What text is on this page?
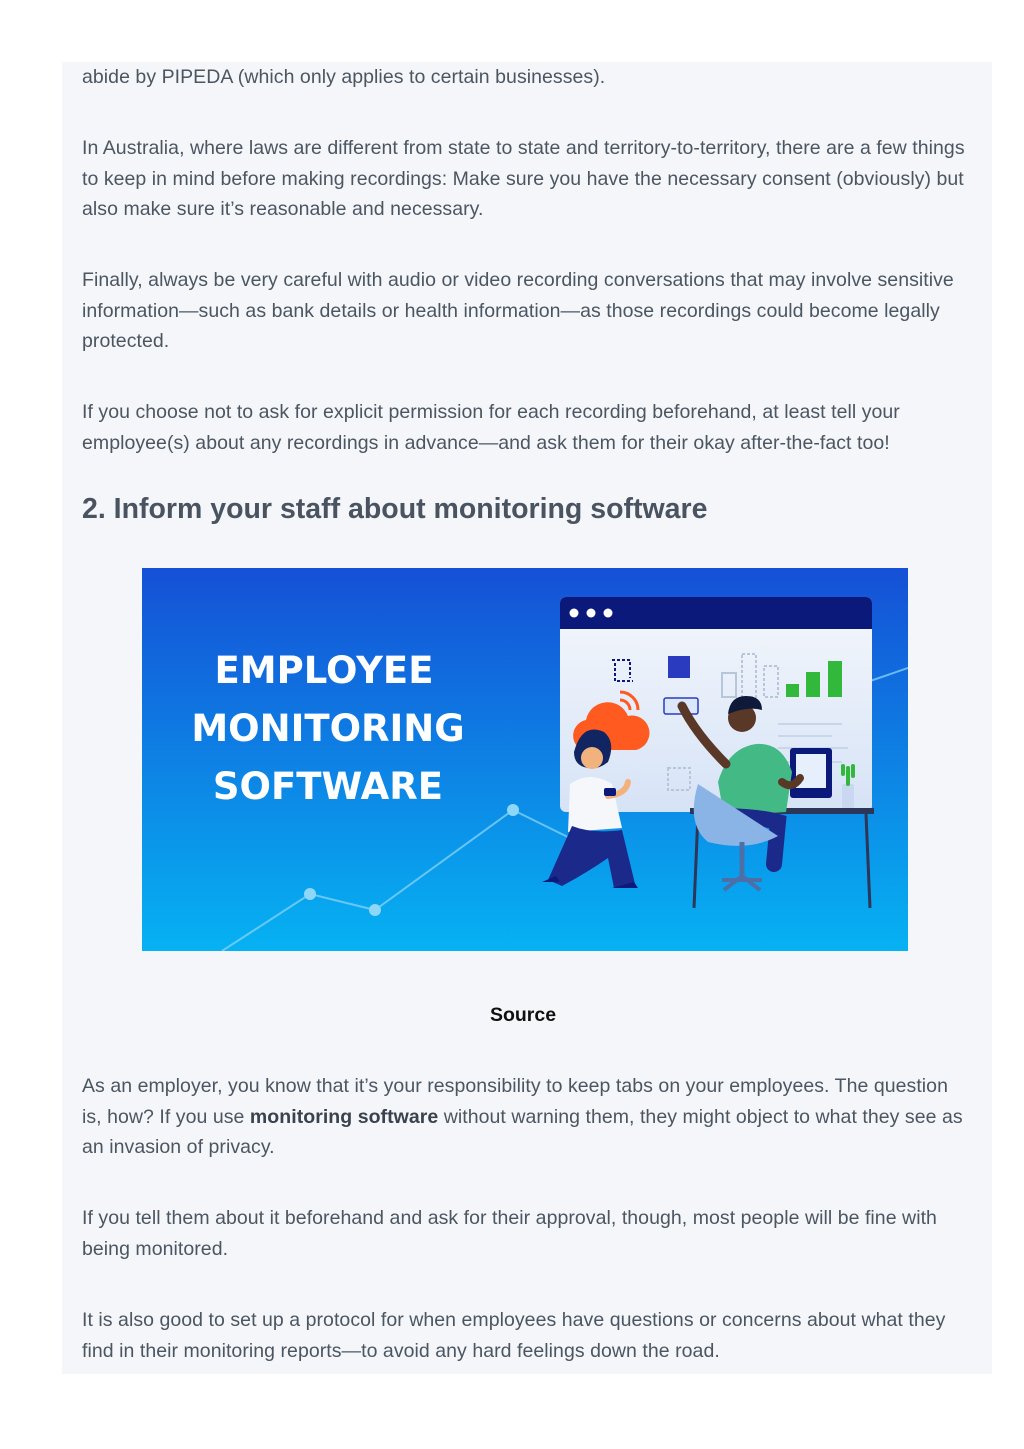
abide by PIPEDA (which only applies to certain businesses).

In Australia, where laws are different from state to state and territory-to-territory, there are a few things to keep in mind before making recordings: Make sure you have the necessary consent (obviously) but also make sure it’s reasonable and necessary.

Finally, always be very careful with audio or video recording conversations that may involve sensitive information—such as bank details or health information—as those recordings could become legally protected.

If you choose not to ask for explicit permission for each recording beforehand, at least tell your employee(s) about any recordings in advance—and ask them for their okay after-the-fact too!

2. Inform your staff about monitoring software
EMPLOYEE
MONITORING
SOFTWARE

Source

As an employer, you know that it’s your responsibility to keep tabs on your employees. The question is, how? If you use monitoring software without warning them, they might object to what they see as an invasion of privacy.

If you tell them about it beforehand and ask for their approval, though, most people will be fine with being monitored.

It is also good to set up a protocol for when employees have questions or concerns about what they find in their monitoring reports—to avoid any hard feelings down the road.
